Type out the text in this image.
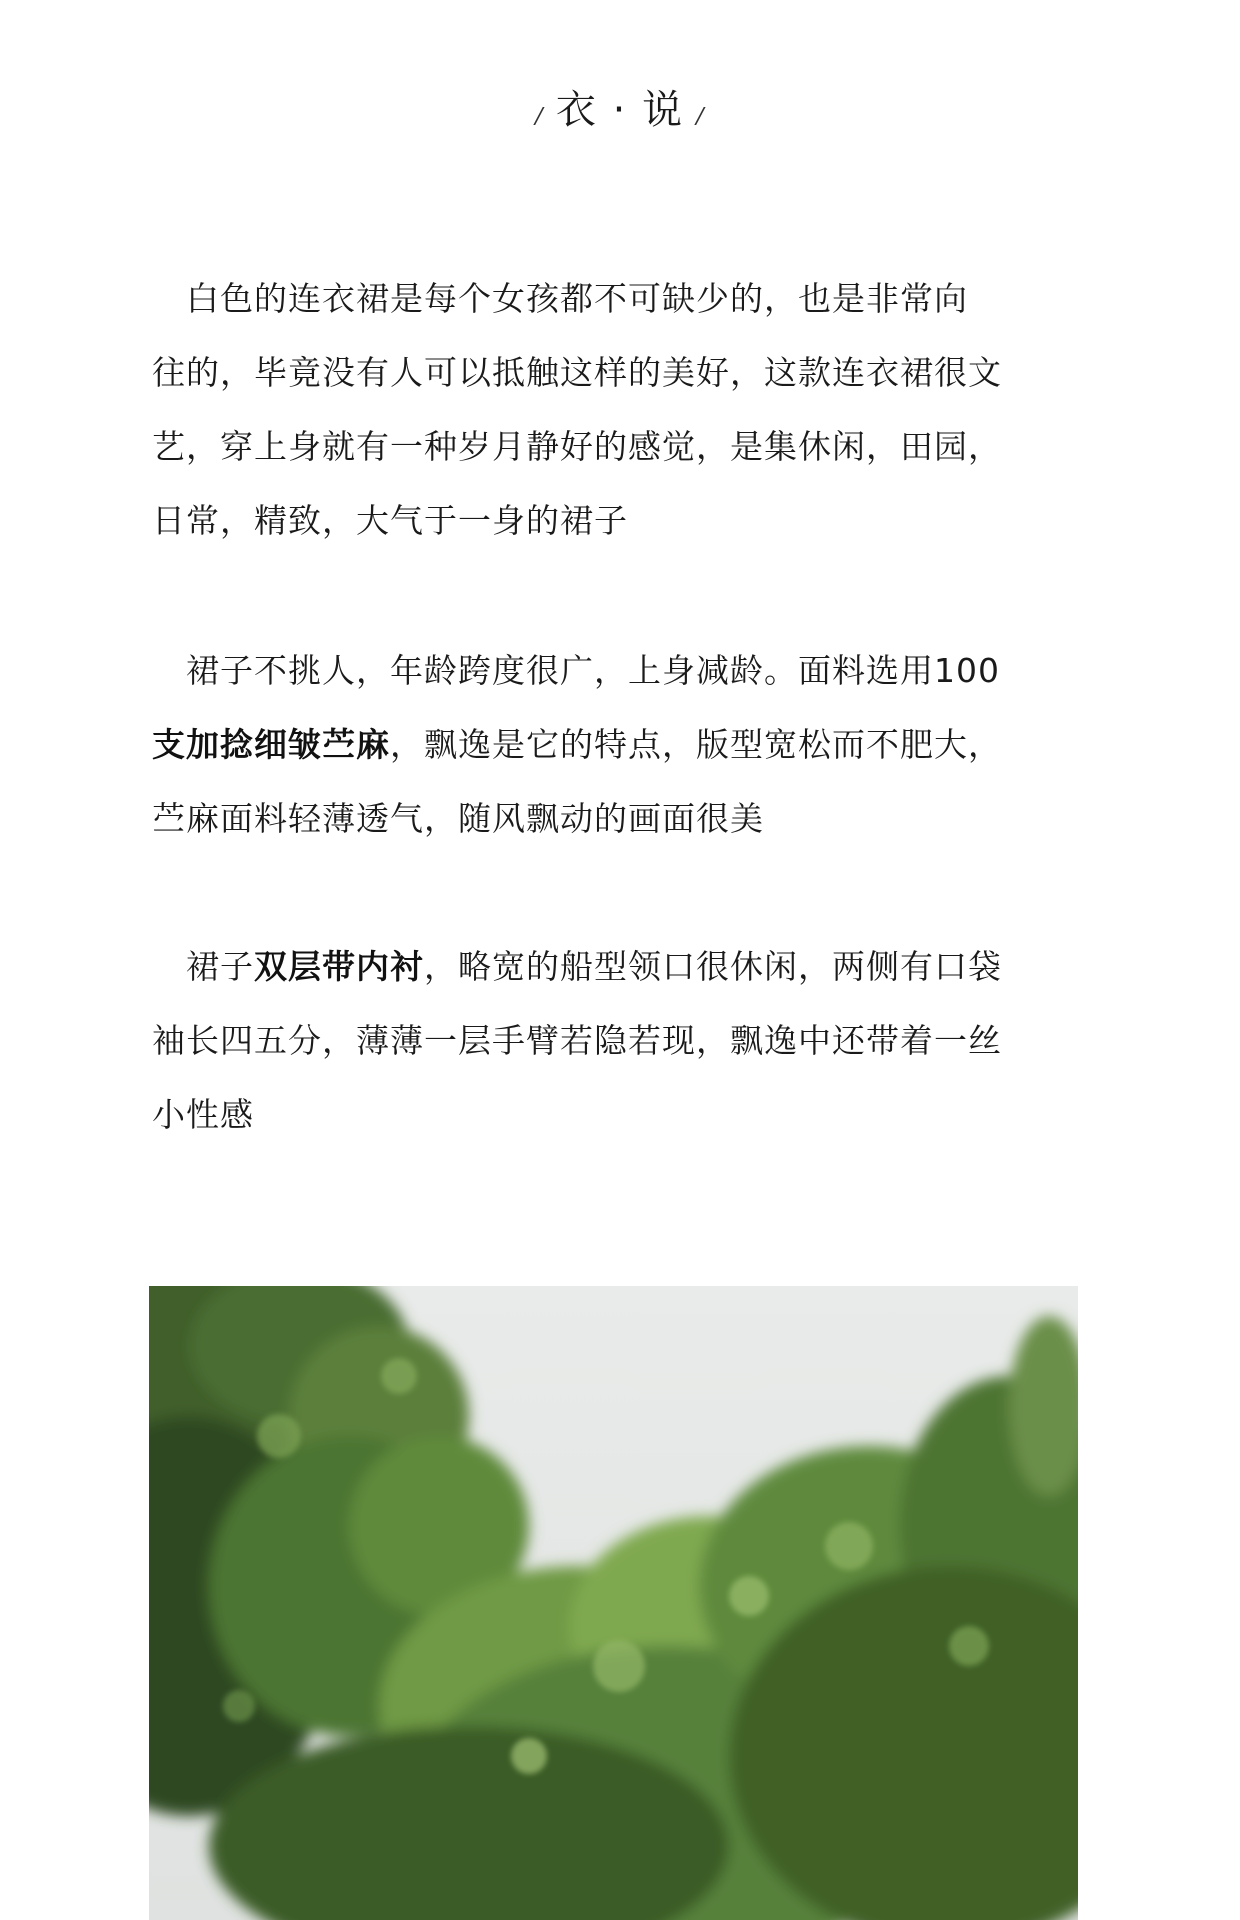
/ 衣 · 说 /

　白色的连衣裙是每个女孩都不可缺少的，也是非常向

往的，毕竟没有人可以抵触这样的美好，这款连衣裙很文

艺，穿上身就有一种岁月静好的感觉，是集休闲，田园，

日常，精致，大气于一身的裙子

　裙子不挑人，年龄跨度很广，上身减龄。面料选用100

支加捻细皱苎麻，飘逸是它的特点，版型宽松而不肥大，

苎麻面料轻薄透气，随风飘动的画面很美

　裙子双层带内衬，略宽的船型领口很休闲，两侧有口袋

袖长四五分，薄薄一层手臂若隐若现，飘逸中还带着一丝

小性感
